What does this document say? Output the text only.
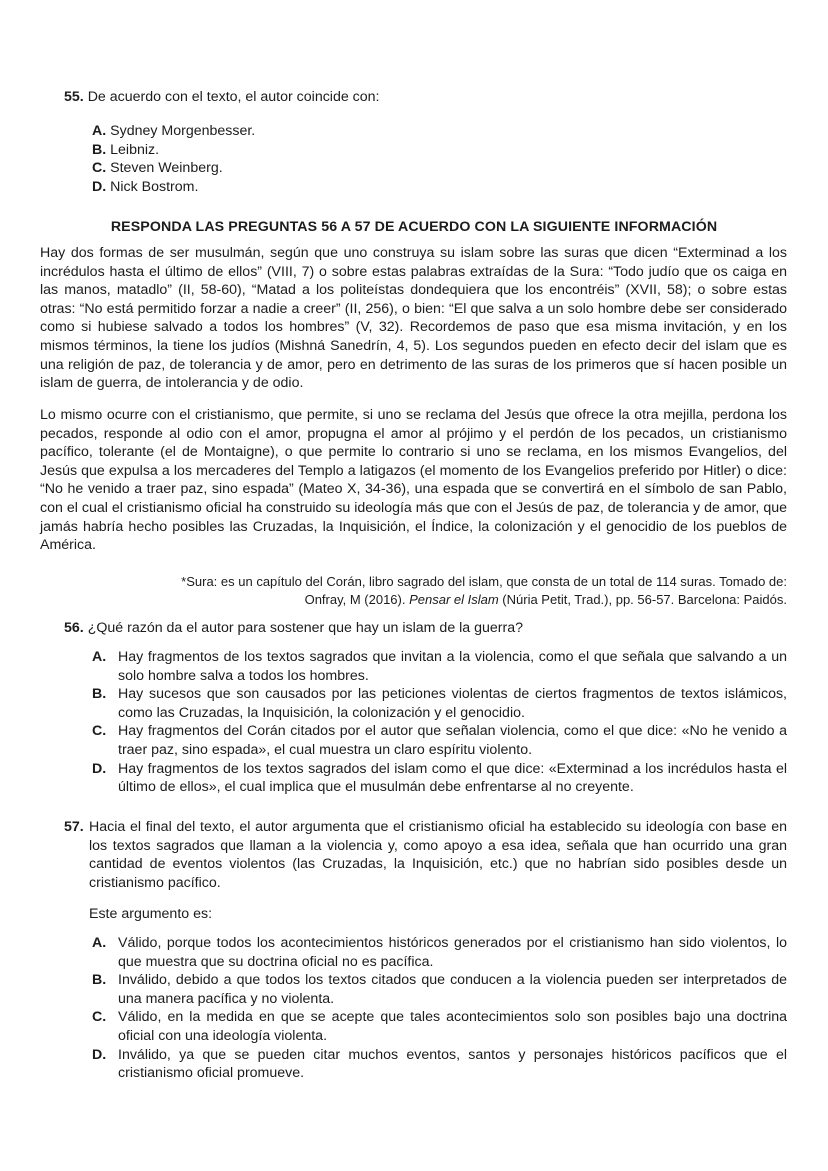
55. De acuerdo con el texto, el autor coincide con:
A. Sydney Morgenbesser.
B. Leibniz.
C. Steven Weinberg.
D. Nick Bostrom.
RESPONDA LAS PREGUNTAS 56 A 57 DE ACUERDO CON LA SIGUIENTE INFORMACIÓN

Hay dos formas de ser musulmán, según que uno construya su islam sobre las suras que dicen “Exterminad a los incrédulos hasta el último de ellos” (VIII, 7) o sobre estas palabras extraídas de la Sura: “Todo judío que os caiga en las manos, matadlo” (II, 58-60), “Matad a los politeístas dondequiera que los encontréis” (XVII, 58); o sobre estas otras: “No está permitido forzar a nadie a creer” (II, 256), o bien: “El que salva a un solo hombre debe ser considerado como si hubiese salvado a todos los hombres” (V, 32). Recordemos de paso que esa misma invitación, y en los mismos términos, la tiene los judíos (Mishná Sanedrín, 4, 5). Los segundos pueden en efecto decir del islam que es una religión de paz, de tolerancia y de amor, pero en detrimento de las suras de los primeros que sí hacen posible un islam de guerra, de intolerancia y de odio.

Lo mismo ocurre con el cristianismo, que permite, si uno se reclama del Jesús que ofrece la otra mejilla, perdona los pecados, responde al odio con el amor, propugna el amor al prójimo y el perdón de los pecados, un cristianismo pacífico, tolerante (el de Montaigne), o que permite lo contrario si uno se reclama, en los mismos Evangelios, del Jesús que expulsa a los mercaderes del Templo a latigazos (el momento de los Evangelios preferido por Hitler) o dice: “No he venido a traer paz, sino espada” (Mateo X, 34-36), una espada que se convertirá en el símbolo de san Pablo, con el cual el cristianismo oficial ha construido su ideología más que con el Jesús de paz, de tolerancia y de amor, que jamás habría hecho posibles las Cruzadas, la Inquisición, el Índice, la colonización y el genocidio de los pueblos de América.

*Sura: es un capítulo del Corán, libro sagrado del islam, que consta de un total de 114 suras. Tomado de: Onfray, M (2016). Pensar el Islam (Núria Petit, Trad.), pp. 56-57. Barcelona: Paidós.
56. ¿Qué razón da el autor para sostener que hay un islam de la guerra?
A. Hay fragmentos de los textos sagrados que invitan a la violencia, como el que señala que salvando a un solo hombre salva a todos los hombres.
B. Hay sucesos que son causados por las peticiones violentas de ciertos fragmentos de textos islámicos, como las Cruzadas, la Inquisición, la colonización y el genocidio.
C. Hay fragmentos del Corán citados por el autor que señalan violencia, como el que dice: «No he venido a traer paz, sino espada», el cual muestra un claro espíritu violento.
D. Hay fragmentos de los textos sagrados del islam como el que dice: «Exterminad a los incrédulos hasta el último de ellos», el cual implica que el musulmán debe enfrentarse al no creyente.
57. Hacia el final del texto, el autor argumenta que el cristianismo oficial ha establecido su ideología con base en los textos sagrados que llaman a la violencia y, como apoyo a esa idea, señala que han ocurrido una gran cantidad de eventos violentos (las Cruzadas, la Inquisición, etc.) que no habrían sido posibles desde un cristianismo pacífico.
Este argumento es:
A. Válido, porque todos los acontecimientos históricos generados por el cristianismo han sido violentos, lo que muestra que su doctrina oficial no es pacífica.
B. Inválido, debido a que todos los textos citados que conducen a la violencia pueden ser interpretados de una manera pacífica y no violenta.
C. Válido, en la medida en que se acepte que tales acontecimientos solo son posibles bajo una doctrina oficial con una ideología violenta.
D. Inválido, ya que se pueden citar muchos eventos, santos y personajes históricos pacíficos que el cristianismo oficial promueve.
